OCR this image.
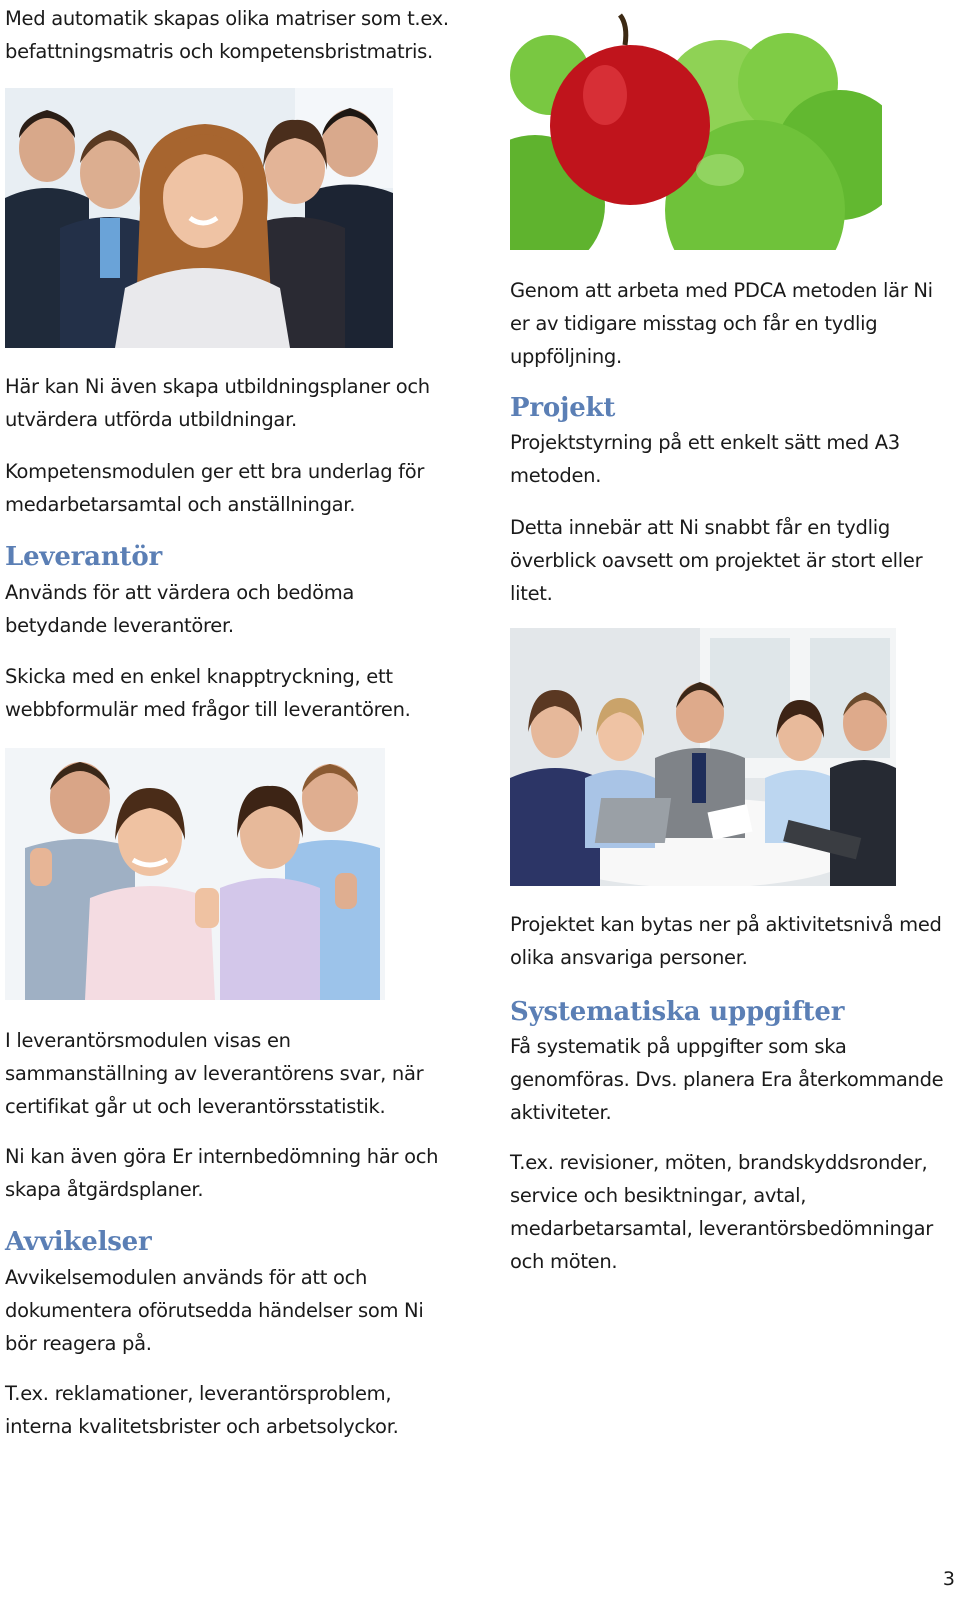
Med automatik skapas olika matriser som t.ex. befattningsmatris och kompetensbristmatris.

Här kan Ni även skapa utbildningsplaner och utvärdera utförda utbildningar.

Kompetensmodulen ger ett bra underlag för medarbetarsamtal och anställningar.

Leverantör

Används för att värdera och bedöma betydande leverantörer.

Skicka med en enkel knapptryckning, ett webbformulär med frågor till leverantören.

I leverantörsmodulen visas en sammanställning av leverantörens svar, när certifikat går ut och leverantörsstatistik.

Ni kan även göra Er internbedömning här och skapa åtgärdsplaner.

Avvikelser

Avvikelsemodulen används för att och dokumentera oförutsedda händelser som Ni bör reagera på.

T.ex. reklamationer, leverantörsproblem, interna kvalitetsbrister och arbetsolyckor.

Genom att arbeta med PDCA metoden lär Ni er av tidigare misstag och får en tydlig uppföljning.

Projekt

Projektstyrning på ett enkelt sätt med A3 metoden.

Detta innebär att Ni snabbt får en tydlig överblick oavsett om projektet är stort eller litet.

Projektet kan bytas ner på aktivitetsnivå med olika ansvariga personer.

Systematiska uppgifter

Få systematik på uppgifter som ska genomföras. Dvs. planera Era återkommande aktiviteter.

T.ex. revisioner, möten, brandskyddsronder, service och besiktningar, avtal, medarbetarsamtal, leverantörsbedömningar och möten.

3
